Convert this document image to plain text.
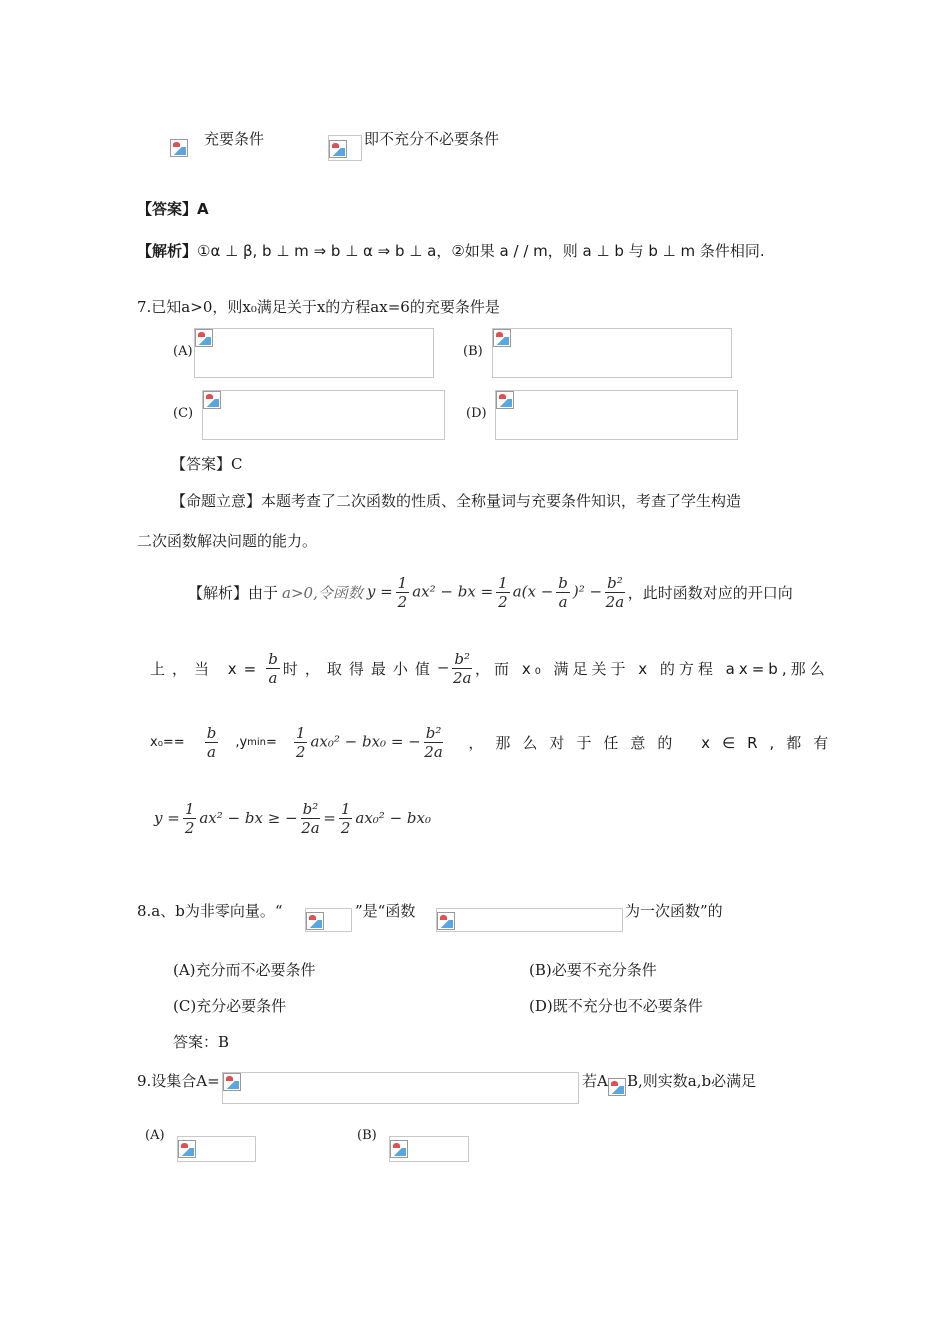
充要条件	即不充分不必要条件
【答案】A
【解析】①α ⊥ β, b ⊥ m ⇒ b ⊥ α ⇒ b ⊥ a，②如果 a / / m，则 a ⊥ b 与 b ⊥ m 条件相同.
7.已知a>0，则x₀满足关于x的方程ax=6的充要条件是
(A)	(B)
(C)	(D)
【答案】C
【命题立意】本题考查了二次函数的性质、全称量词与充要条件知识，考查了学生构造
二次函数解决问题的能力。
【解析】 由于 a>0,令函数 $y = \frac{1}{2} ax^2$ − bx = $\frac{1}{2} a(x - \frac{b}{a} )^2 - \frac{\text{b²}}{2a}$ ，此时函数对应的开口向
上，当 $x= \frac{b}{a}$ 时，取得最小值 − $\frac{\text{b²}}{2a}$ ，而 x₀ 满足关于 x 的方程 ax=b,那么
$x_0== \frac{b}{a} ,y$ $\min = \frac{1}{2} ax_0^2 - bx_0$ = − $\frac{\text{b²}}{2a}$ ，那么对于任意的 x∈R,都有
$y = \frac{1}{2} ax^2$ − bx ≥ − $\frac{\text{b²}}{2a} = \frac{1}{2} ax_0^2 - bx_0$
8.a、b为非零向量。“	”是“函数	为一次函数”的
(A)充分而不必要条件	(B)必要不充分条件
(C)充分必要条件	(D)既不充分也不必要条件
答案：B
9.设集合A=	若A B,则实数a,b必满足
(A)	(B)
